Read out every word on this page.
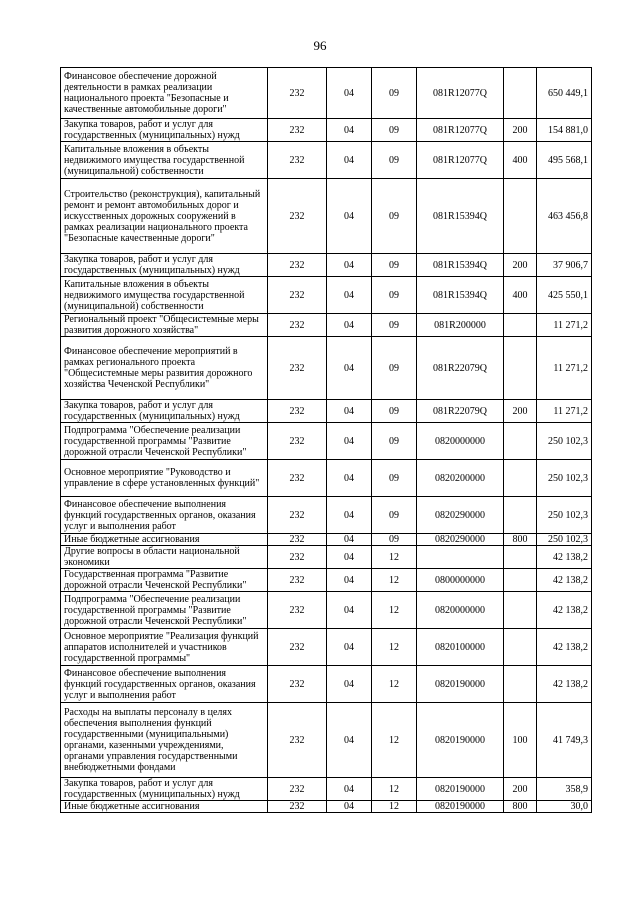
96
Финансовое обеспечение дорожной деятельности в рамках реализации национального проекта "Безопасные и качественные автомобильные дороги"	232	04	09	081R12077Q		650 449,1
Закупка товаров, работ и услуг для государственных (муниципальных) нужд	232	04	09	081R12077Q	200	154 881,0
Капитальные вложения в объекты недвижимого имущества государственной (муниципальной) собственности	232	04	09	081R12077Q	400	495 568,1
Строительство (реконструкция), капитальный ремонт и ремонт автомобильных дорог и искусственных дорожных сооружений в рамках реализации национального проекта "Безопасные качественные дороги"	232	04	09	081R15394Q		463 456,8
Закупка товаров, работ и услуг для государственных (муниципальных) нужд	232	04	09	081R15394Q	200	37 906,7
Капитальные вложения в объекты недвижимого имущества государственной (муниципальной) собственности	232	04	09	081R15394Q	400	425 550,1
Региональный проект "Общесистемные меры развития дорожного хозяйства"	232	04	09	081R200000		11 271,2
Финансовое обеспечение мероприятий в рамках регионального проекта "Общесистемные меры развития дорожного хозяйства Чеченской Республики"	232	04	09	081R22079Q		11 271,2
Закупка товаров, работ и услуг для государственных (муниципальных) нужд	232	04	09	081R22079Q	200	11 271,2
Подпрограмма "Обеспечение реализации государственной программы "Развитие дорожной отрасли Чеченской Республики"	232	04	09	0820000000		250 102,3
Основное мероприятие "Руководство и управление в сфере установленных функций"	232	04	09	0820200000		250 102,3
Финансовое обеспечение выполнения функций государственных органов, оказания услуг и выполнения работ	232	04	09	0820290000		250 102,3
Иные бюджетные ассигнования	232	04	09	0820290000	800	250 102,3
Другие вопросы в области национальной экономики	232	04	12			42 138,2
Государственная программа "Развитие дорожной отрасли Чеченской Республики"	232	04	12	0800000000		42 138,2
Подпрограмма "Обеспечение реализации государственной программы "Развитие дорожной отрасли Чеченской Республики"	232	04	12	0820000000		42 138,2
Основное мероприятие "Реализация функций аппаратов исполнителей и участников государственной программы"	232	04	12	0820100000		42 138,2
Финансовое обеспечение выполнения функций государственных органов, оказания услуг и выполнения работ	232	04	12	0820190000		42 138,2
Расходы на выплаты персоналу в целях обеспечения выполнения функций государственными (муниципальными) органами, казенными учреждениями, органами управления государственными внебюджетными фондами	232	04	12	0820190000	100	41 749,3
Закупка товаров, работ и услуг для государственных (муниципальных) нужд	232	04	12	0820190000	200	358,9
Иные бюджетные ассигнования	232	04	12	0820190000	800	30,0
